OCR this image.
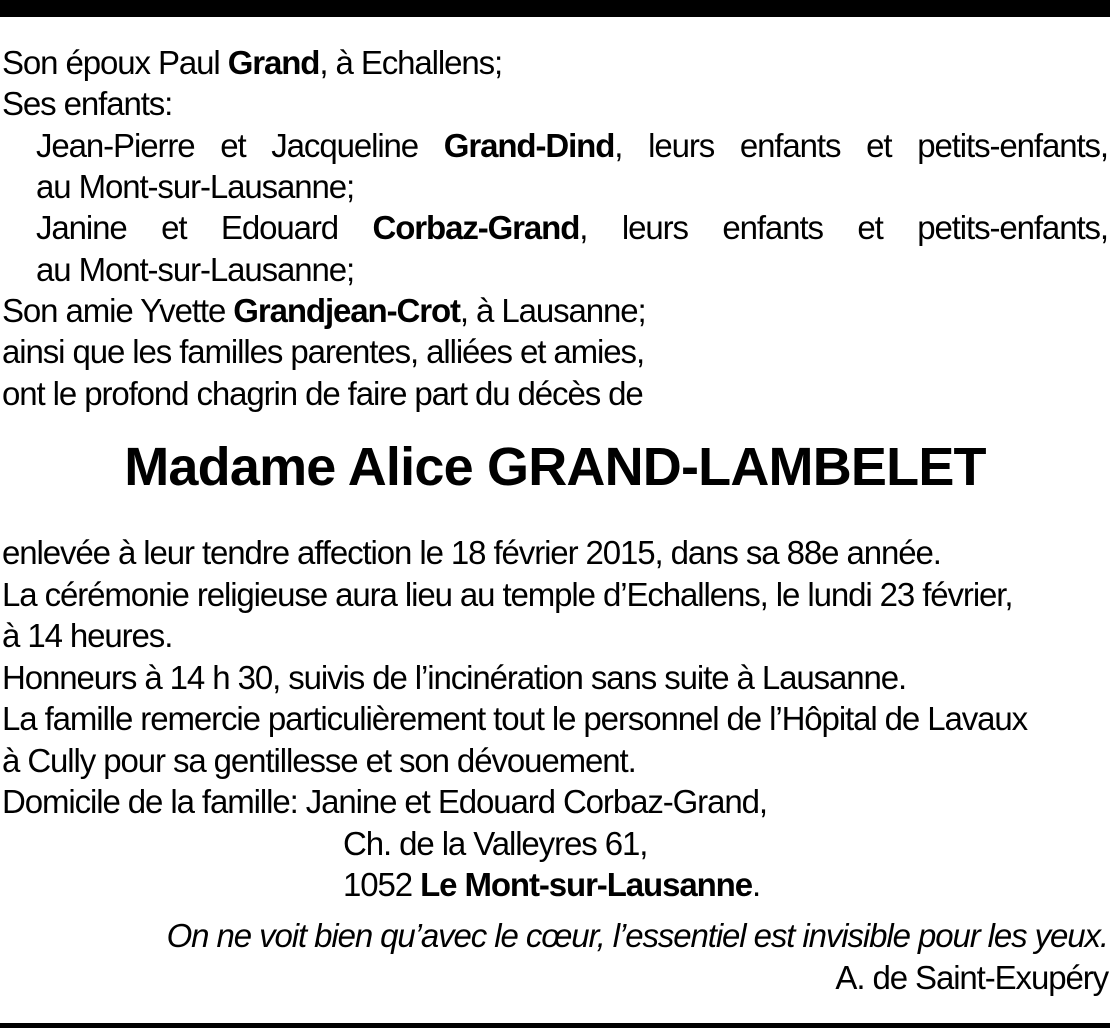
Son époux Paul Grand, à Echallens;
Ses enfants:
Jean-Pierre et Jacqueline Grand-Dind, leurs enfants et petits-enfants,
au Mont-sur-Lausanne;
Janine et Edouard Corbaz-Grand, leurs enfants et petits-enfants,
au Mont-sur-Lausanne;
Son amie Yvette Grandjean-Crot, à Lausanne;
ainsi que les familles parentes, alliées et amies,
ont le profond chagrin de faire part du décès de
Madame Alice GRAND-LAMBELET
enlevée à leur tendre affection le 18 février 2015, dans sa 88e année.
La cérémonie religieuse aura lieu au temple d’Echallens, le lundi 23 février,
à 14 heures.
Honneurs à 14 h 30, suivis de l’incinération sans suite à Lausanne.
La famille remercie particulièrement tout le personnel de l’Hôpital de Lavaux
à Cully pour sa gentillesse et son dévouement.
Domicile de la famille: Janine et Edouard Corbaz-Grand,
Ch. de la Valleyres 61,
1052 Le Mont-sur-Lausanne.
On ne voit bien qu’avec le cœur, l’essentiel est invisible pour les yeux.
A. de Saint-Exupéry
